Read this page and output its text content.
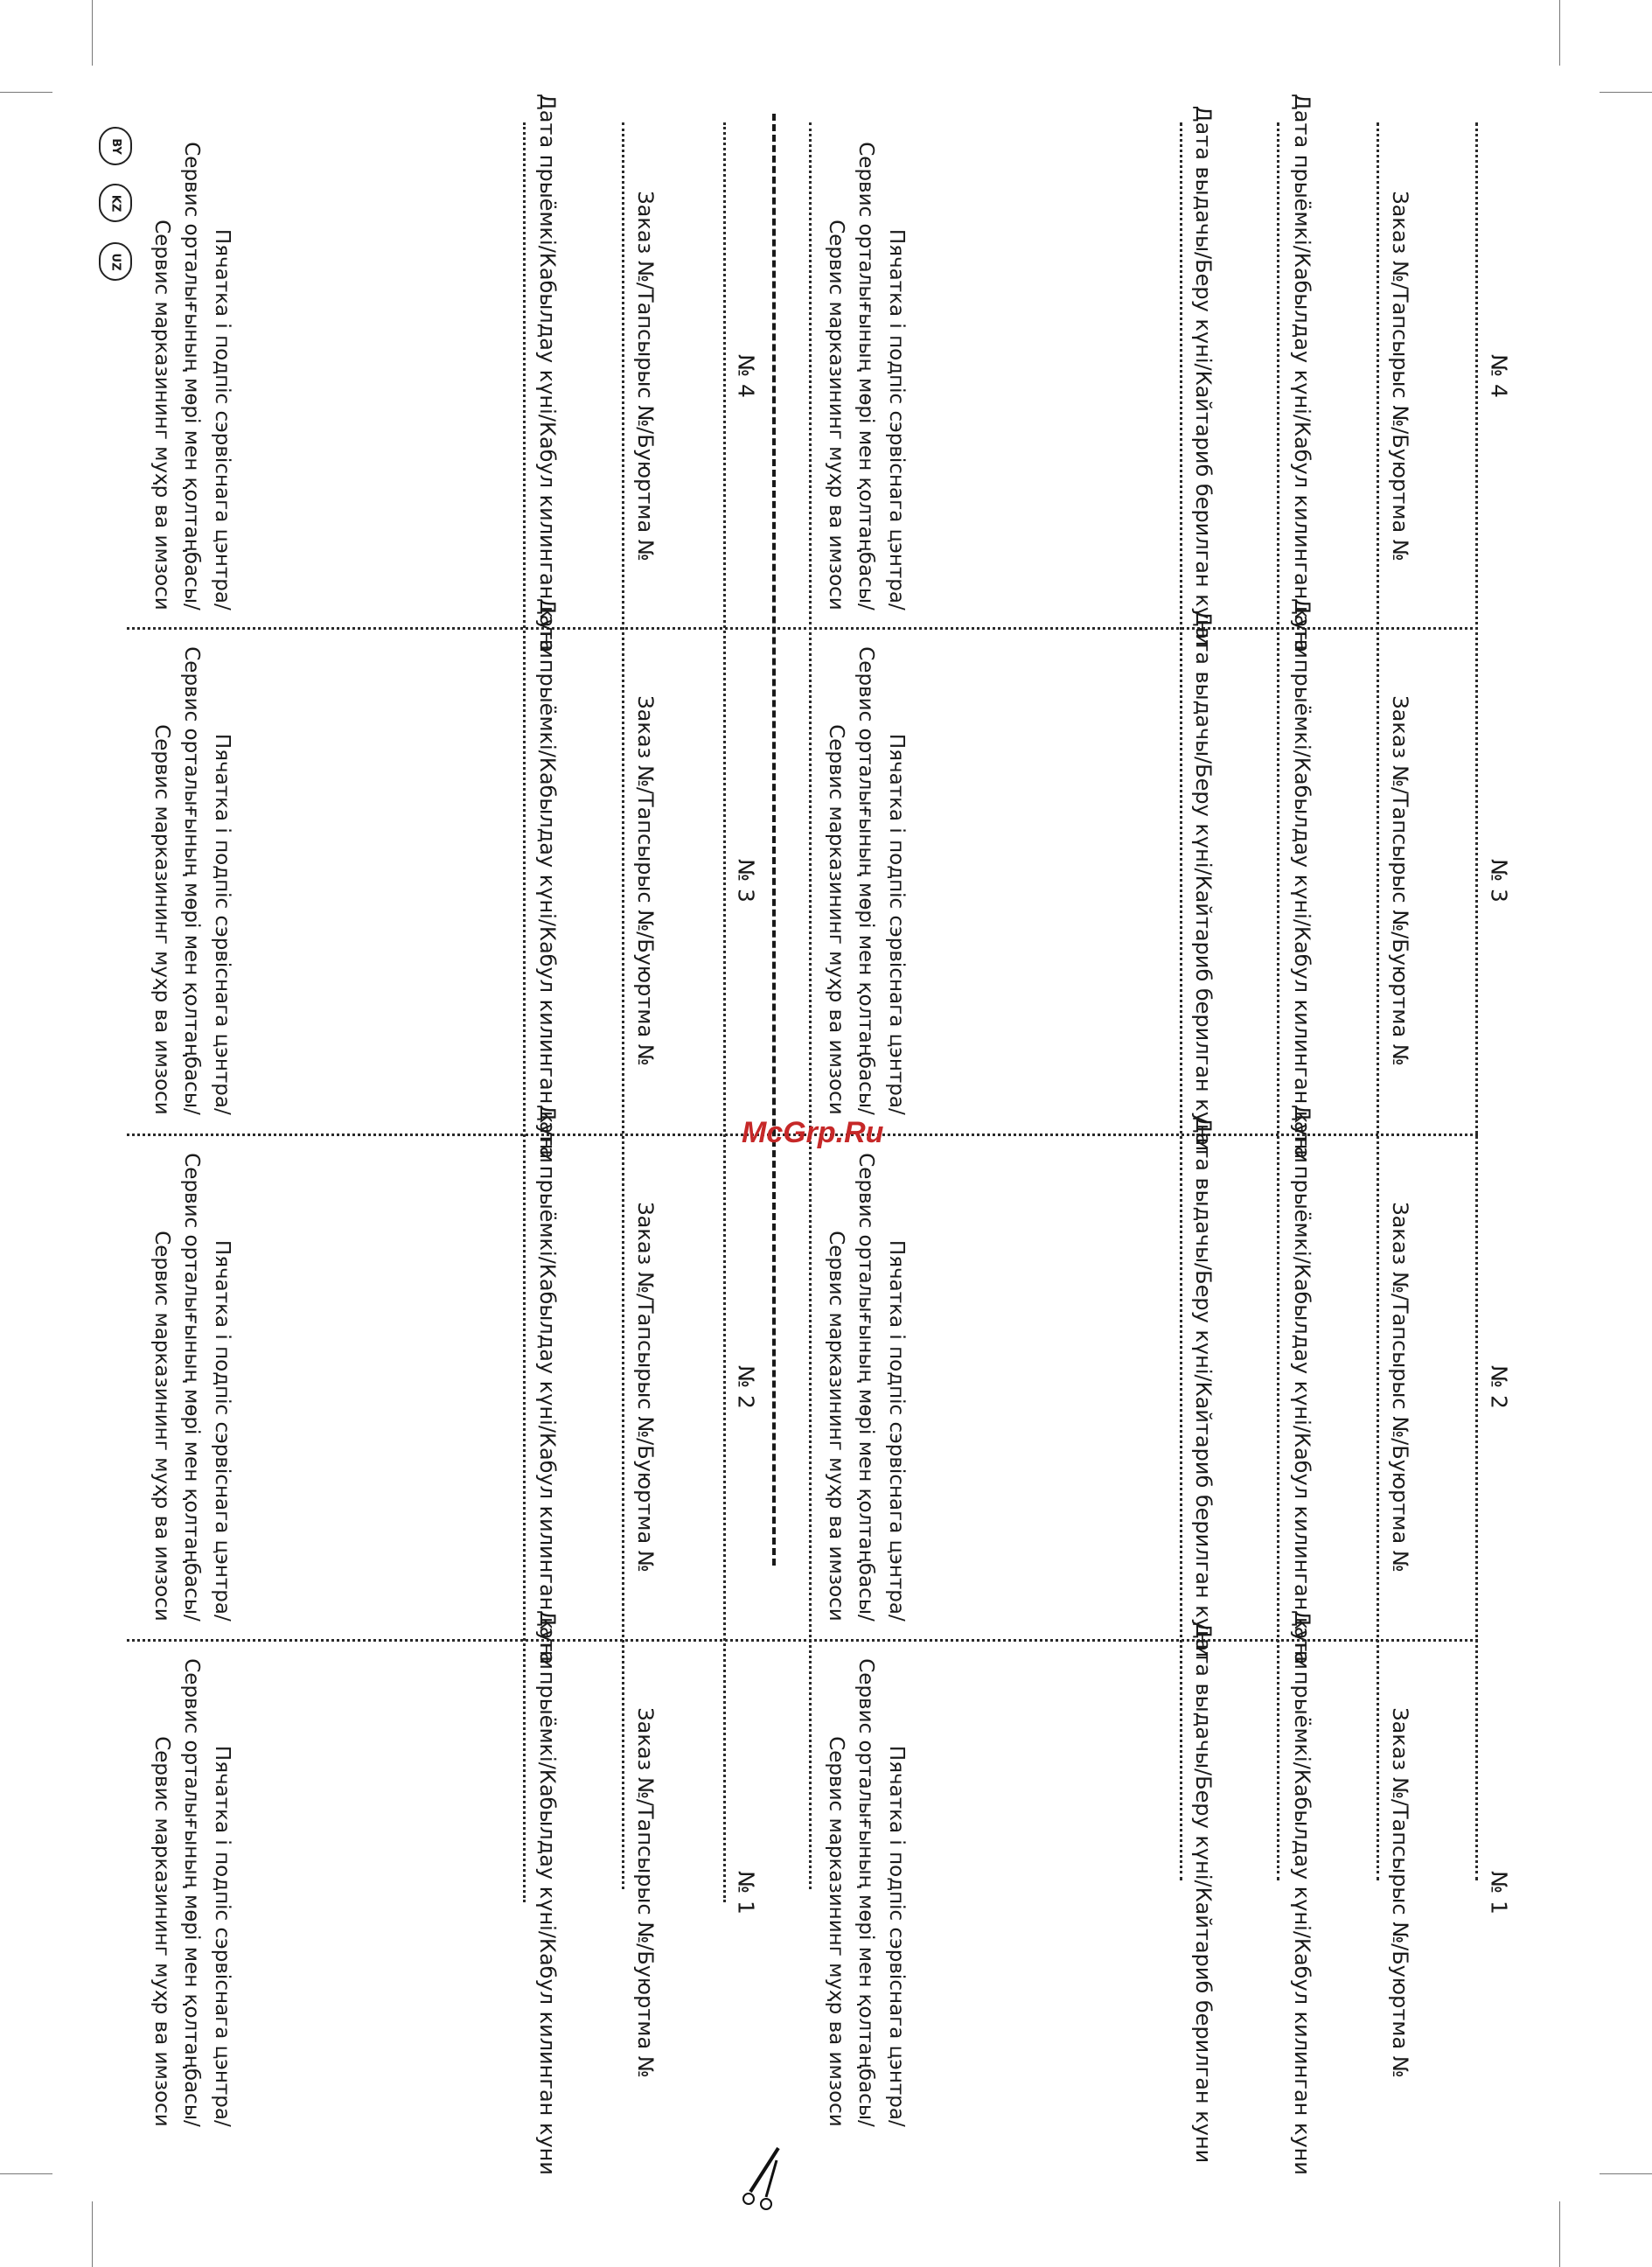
№ 4
Заказ №/Тапсырыс №/Буюртма №
Дата прыёмкі/Кабылдау күні/Кабул килинган куни
Дата выдачы/Беру күні/Кайтариб берилган куни
Пячатка і подпіс сэрвіснага цэнтра/
Сервис орталығының мөрі мен қолтаңбасы/
Сервис марказининг муҳр ва имзоси
№ 3
Заказ №/Тапсырыс №/Буюртма №
Дата прыёмкі/Кабылдау күні/Кабул килинган куни
Дата выдачы/Беру күні/Кайтариб берилган куни
Пячатка і подпіс сэрвіснага цэнтра/
Сервис орталығының мөрі мен қолтаңбасы/
Сервис марказининг муҳр ва имзоси
№ 2
Заказ №/Тапсырыс №/Буюртма №
Дата прыёмкі/Кабылдау күні/Кабул килинган куни
Дата выдачы/Беру күні/Кайтариб берилган куни
Пячатка і подпіс сэрвіснага цэнтра/
Сервис орталығының мөрі мен қолтаңбасы/
Сервис марказининг муҳр ва имзоси
№ 1
Заказ №/Тапсырыс №/Буюртма №
Дата прыёмкі/Кабылдау күні/Кабул килинган куни
Дата выдачы/Беру күні/Кайтариб берилган куни
Пячатка і подпіс сэрвіснага цэнтра/
Сервис орталығының мөрі мен қолтаңбасы/
Сервис марказининг муҳр ва имзоси
№ 4
Заказ №/Тапсырыс №/Буюртма №
Дата прыёмкі/Кабылдау күні/Кабул килинган куни
Пячатка і подпіс сэрвіснага цэнтра/
Сервис орталығының мөрі мен қолтаңбасы/
Сервис марказининг муҳр ва имзоси
№ 3
Заказ №/Тапсырыс №/Буюртма №
Дата прыёмкі/Кабылдау күні/Кабул килинган куни
Пячатка і подпіс сэрвіснага цэнтра/
Сервис орталығының мөрі мен қолтаңбасы/
Сервис марказининг муҳр ва имзоси
№ 2
Заказ №/Тапсырыс №/Буюртма №
Дата прыёмкі/Кабылдау күні/Кабул килинган куни
Пячатка і подпіс сэрвіснага цэнтра/
Сервис орталығының мөрі мен қолтаңбасы/
Сервис марказининг муҳр ва имзоси
№ 1
Заказ №/Тапсырыс №/Буюртма №
Дата прыёмкі/Кабылдау күні/Кабул килинган куни
Пячатка і подпіс сэрвіснага цэнтра/
Сервис орталығының мөрі мен қолтаңбасы/
Сервис марказининг муҳр ва имзоси
BY
KZ
UZ
McGrp.Ru
